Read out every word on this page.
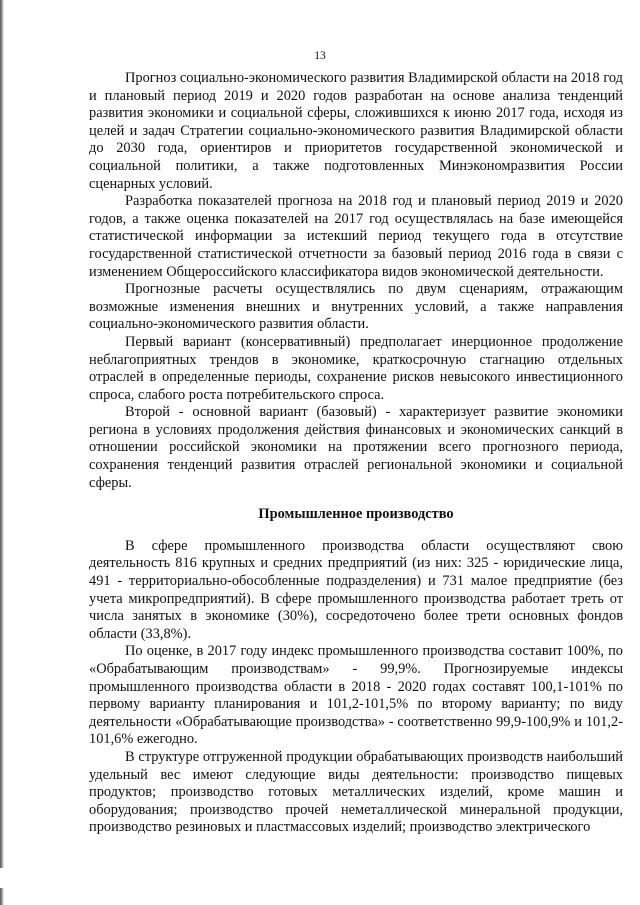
13

Прогноз социально-экономического развития Владимирской области на 2018 год и плановый период 2019 и 2020 годов разработан на основе анализа тенденций развития экономики и социальной сферы, сложившихся к июню 2017 года, исходя из целей и задач Стратегии социально-экономического развития Владимирской области до 2030 года, ориентиров и приоритетов государственной экономической и социальной политики, а также подготовленных Минэкономразвития России сценарных условий.

Разработка показателей прогноза на 2018 год и плановый период 2019 и 2020 годов, а также оценка показателей на 2017 год осуществлялась на базе имеющейся статистической информации за истекший период текущего года в отсутствие государственной статистической отчетности за базовый период 2016 года в связи с изменением Общероссийского классификатора видов экономической деятельности.

Прогнозные расчеты осуществлялись по двум сценариям, отражающим возможные изменения внешних и внутренних условий, а также направления социально-экономического развития области.

Первый вариант (консервативный) предполагает инерционное продолжение неблагоприятных трендов в экономике, краткосрочную стагнацию отдельных отраслей в определенные периоды, сохранение рисков невысокого инвестиционного спроса, слабого роста потребительского спроса.

Второй - основной вариант (базовый) - характеризует развитие экономики региона в условиях продолжения действия финансовых и экономических санкций в отношении российской экономики на протяжении всего прогнозного периода, сохранения тенденций развития отраслей региональной экономики и социальной сферы.

Промышленное производство

В сфере промышленного производства области осуществляют свою деятельность 816 крупных и средних предприятий (из них: 325 - юридические лица, 491 - территориально-обособленные подразделения) и 731 малое предприятие (без учета микропредприятий). В сфере промышленного производства работает треть от числа занятых в экономике (30%), сосредоточено более трети основных фондов области (33,8%).

По оценке, в 2017 году индекс промышленного производства составит 100%, по «Обрабатывающим производствам» - 99,9%. Прогнозируемые индексы промышленного производства области в 2018 - 2020 годах составят 100,1-101% по первому варианту планирования и 101,2-101,5% по второму варианту; по виду деятельности «Обрабатывающие производства» - соответственно 99,9-100,9% и 101,2-101,6% ежегодно.

В структуре отгруженной продукции обрабатывающих производств наибольший удельный вес имеют следующие виды деятельности: производство пищевых продуктов; производство готовых металлических изделий, кроме машин и оборудования; производство прочей неметаллической минеральной продукции, производство резиновых и пластмассовых изделий; производство электрического
